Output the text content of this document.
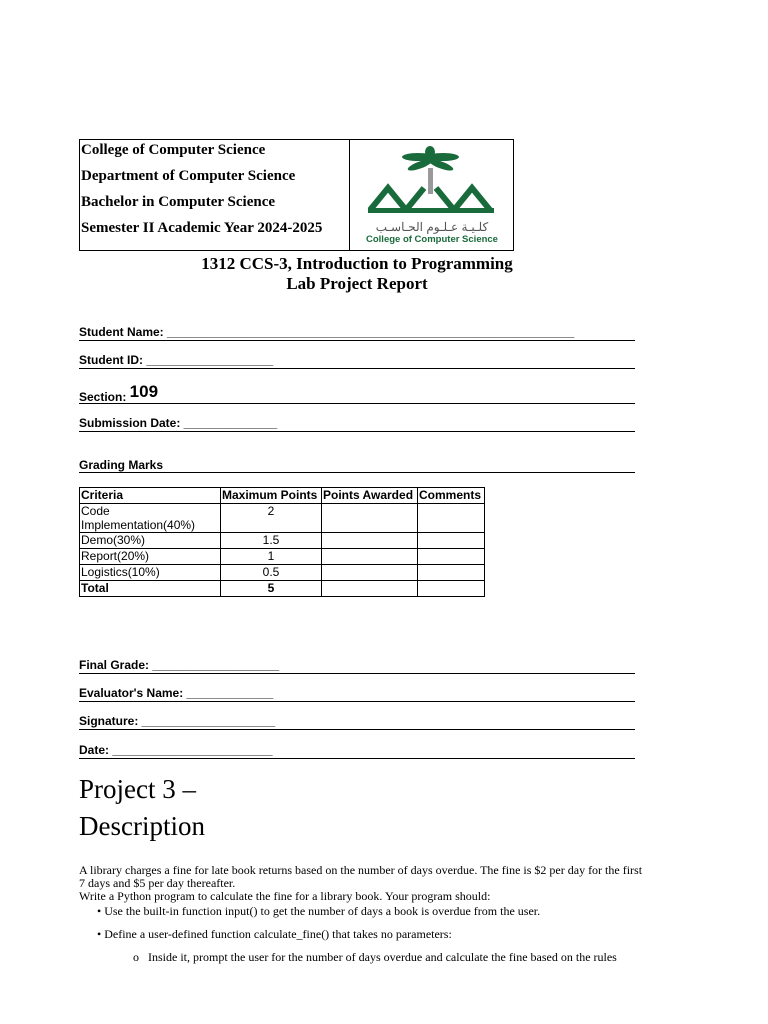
College of Computer Science
Department of Computer Science
Bachelor in Computer Science
Semester II Academic Year 2024-2025	كلـيـة عـلـوم الحـاسـب
College of Computer Science
1312 CCS-3, Introduction to Programming
Lab Project Report
Student Name: _____________________________________________________________
Student ID: ___________________
Section: 109
Submission Date: ______________
Grading Marks
Criteria	Maximum Points	Points Awarded	Comments
Code Implementation(40%)	2		
Demo(30%)	1.5		
Report(20%)	1		
Logistics(10%)	0.5		
Total	5		
Final Grade: ___________________
Evaluator's Name: _____________
Signature: ____________________
Date: ________________________
Project 3 –
Description
A library charges a fine for late book returns based on the number of days overdue. The fine is $2 per day for the first 7 days and $5 per day thereafter.
Write a Python program to calculate the fine for a library book. Your program should:
• Use the built-in function input() to get the number of days a book is overdue from the user.
• Define a user-defined function calculate_fine() that takes no parameters:
o   Inside it, prompt the user for the number of days overdue and calculate the fine based on the rules
